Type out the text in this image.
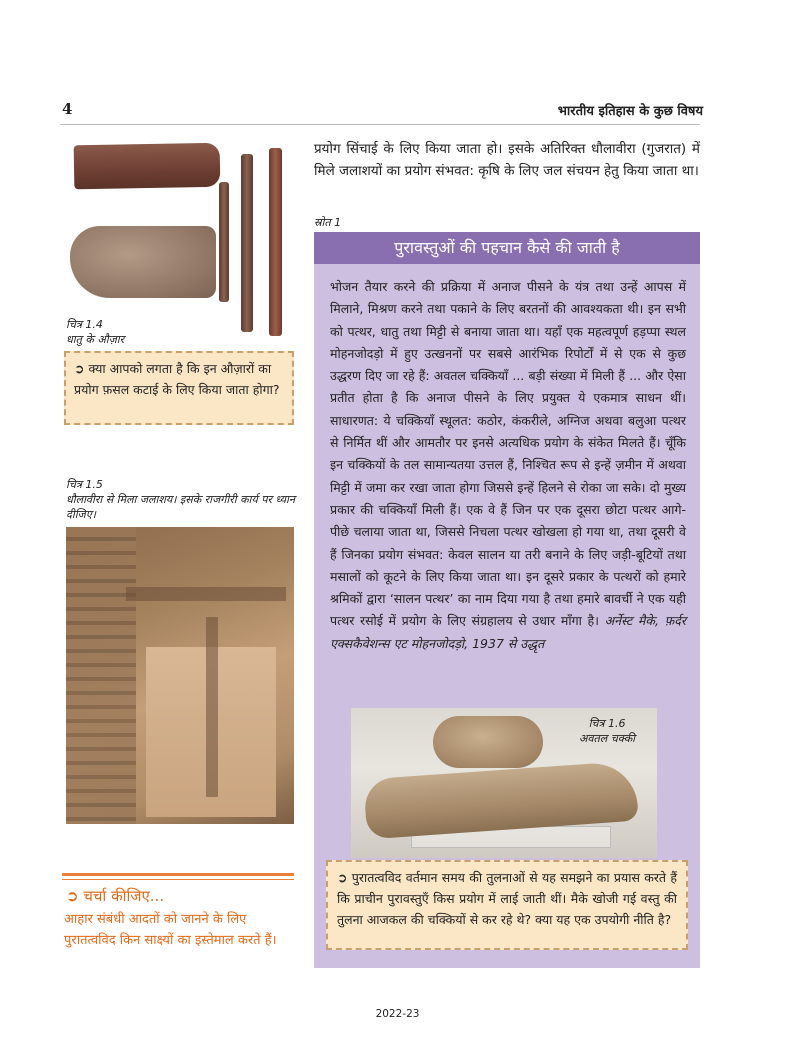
4	भारतीय इतिहास के कुछ विषय
चित्र 1.4
धातु के औज़ार
➲ क्या आपको लगता है कि इन औज़ारों का प्रयोग फ़सल कटाई के लिए किया जाता होगा?
चित्र 1.5
धौलावीरा से मिला जलाशय। इसके राजगीरी कार्य पर ध्यान दीजिए।
➲ चर्चा कीजिए...
आहार संबंधी आदतों को जानने के लिए पुरातत्वविद किन साक्ष्यों का इस्तेमाल करते हैं।
प्रयोग सिंचाई के लिए किया जाता हो। इसके अतिरिक्त धौलावीरा (गुजरात) में मिले जलाशयों का प्रयोग संभवत: कृषि के लिए जल संचयन हेतु किया जाता था।
स्रोत 1
पुरावस्तुओं की पहचान कैसे की जाती है
भोजन तैयार करने की प्रक्रिया में अनाज पीसने के यंत्र तथा उन्हें आपस में मिलाने, मिश्रण करने तथा पकाने के लिए बरतनों की आवश्यकता थी। इन सभी को पत्थर, धातु तथा मिट्टी से बनाया जाता था। यहाँ एक महत्वपूर्ण हड़प्पा स्थल मोहनजोदड़ो में हुए उत्खननों पर सबसे आरंभिक रिपोर्टों में से एक से कुछ उद्धरण दिए जा रहे हैं: अवतल चक्कियाँ ... बड़ी संख्या में मिली हैं ... और ऐसा प्रतीत होता है कि अनाज पीसने के लिए प्रयुक्त ये एकमात्र साधन थीं। साधारणत: ये चक्कियाँ स्थूलत: कठोर, कंकरीले, अग्निज अथवा बलुआ पत्थर से निर्मित थीं और आमतौर पर इनसे अत्यधिक प्रयोग के संकेत मिलते हैं। चूँकि इन चक्कियों के तल सामान्यतया उत्तल हैं, निश्चित रूप से इन्हें ज़मीन में अथवा मिट्टी में जमा कर रखा जाता होगा जिससे इन्हें हिलने से रोका जा सके। दो मुख्य प्रकार की चक्कियाँ मिली हैं। एक वे हैं जिन पर एक दूसरा छोटा पत्थर आगे-पीछे चलाया जाता था, जिससे निचला पत्थर खोखला हो गया था, तथा दूसरी वे हैं जिनका प्रयोग संभवत: केवल सालन या तरी बनाने के लिए जड़ी-बूटियों तथा मसालों को कूटने के लिए किया जाता था। इन दूसरे प्रकार के पत्थरों को हमारे श्रमिकों द्वारा ‘सालन पत्थर’ का नाम दिया गया है तथा हमारे बावर्ची ने एक यही पत्थर रसोई में प्रयोग के लिए संग्रहालय से उधार माँगा है। अर्नेस्ट मैके, फ़र्दर एक्सकैवेशन्स एट मोहनजोदड़ो, 1937 से उद्धृत
चित्र 1.6
अवतल चक्की
➲ पुरातत्वविद वर्तमान समय की तुलनाओं से यह समझने का प्रयास करते हैं कि प्राचीन पुरावस्तुएँ किस प्रयोग में लाई जाती थीं। मैके खोजी गई वस्तु की तुलना आजकल की चक्कियों से कर रहे थे? क्या यह एक उपयोगी नीति है?
2022-23
